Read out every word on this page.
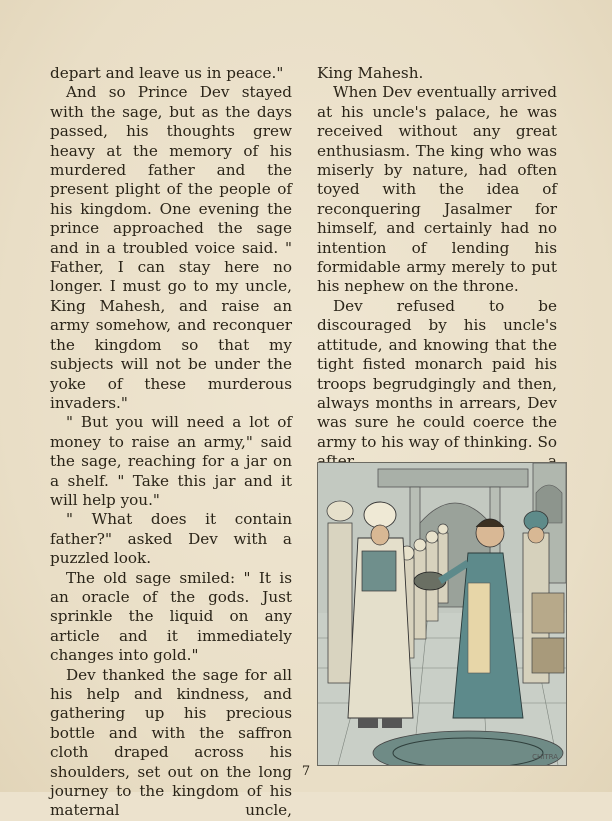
depart and leave us in peace."

And so Prince Dev stayed with the sage, but as the days passed, his thoughts grew heavy at the memory of his murdered father and the present plight of the people of his kingdom. One evening the prince approached the sage and in a troubled voice said. " Father, I can stay here no longer. I must go to my uncle, King Mahesh, and raise an army somehow, and reconquer the kingdom so that my subjects will not be under the yoke of these murderous invaders."

" But you will need a lot of money to raise an army," said the sage, reaching for a jar on a shelf. " Take this jar and it will help you."

" What does it contain father?" asked Dev with a puzzled look.

The old sage smiled: " It is an oracle of the gods. Just sprinkle the liquid on any article and it immediately changes into gold."

Dev thanked the sage for all his help and kindness, and gathering up his precious bottle and with the saffron cloth draped across his shoulders, set out on the long journey to the kingdom of his maternal uncle,

King Mahesh.

When Dev eventually arrived at his uncle's palace, he was received without any great enthusiasm. The king who was miserly by nature, had often toyed with the idea of reconquering Jasalmer for himself, and certainly had no intention of lending his formidable army merely to put his nephew on the throne.

Dev refused to be discouraged by his uncle's attitude, and knowing that the tight fisted monarch paid his troops begrudgingly and then, always months in arrears, Dev was sure he could coerce the army to his way of thinking. So

CHITRA
7
